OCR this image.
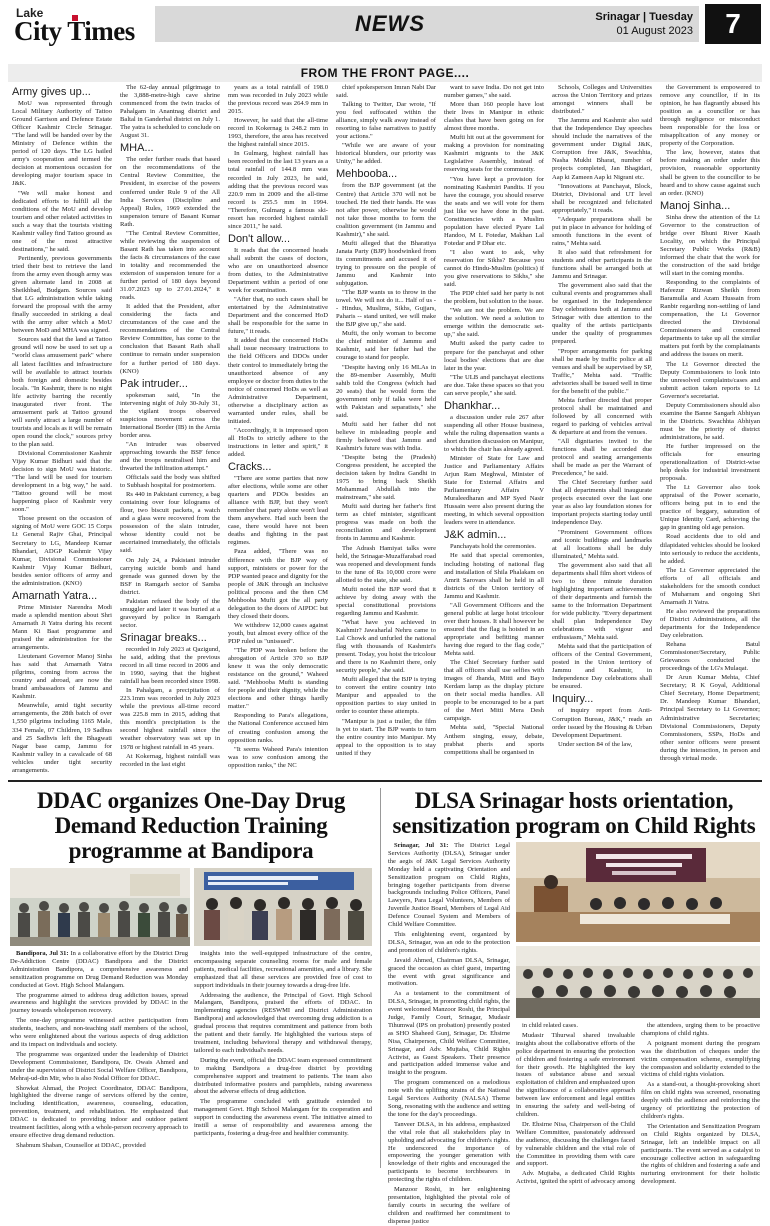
Lake
City Times	NEWS	Srinagar | Tuesday
01 August 2023	7
FROM THE FRONT PAGE....
Army gives up...

MoU was represented through Local Military Authority of Tattoo Ground Garrison and Defence Estate Officer Kashmir Circle Srinagar. "The land will be handed over by the Ministry of Defence within the period of 120 days. The LG hailed army's cooperation and termed the decision at momentous occasion for developing major tourism space in J&K.

"We will make honest and dedicated efforts to fulfill all the conditions of the MoU and develop tourism and other related activities in such a way that the tourists visiting Kashmir valley find Tattoo ground as one of the most attractive destinations," he said.

Pertinently, previous governments tried their best to retrieve the land from the army even though army was given alternate land in 2008 at Sheikhbad, Budgam. Sources said that LG administration while taking forward the proposal with the army finally succeeded in striking a deal with the army after which a MoU between MoD and MHA was signed.

Sources said that the land at Tattoo ground will now be used to set up a "world class amusement park" where all latest facilities and infrastructure will be available to attract tourists both foreign and domestic besides locals. "In Kashmir, there is no night life activity barring the recently inaugurated river front. The amusement park at Tattoo ground will surely attract a large number of tourists and locals as it will be remain open round the clock," sources privy to the plan said.

Divisional Commissioner Kashmir Vijay Kumar Bidhuri said that the decision to sign MoU was historic. "The land will be used for tourism development in a big way," he said. "Tattoo ground will be most happening place of Kashmir very soon."

Those present on the occasion of signing of MoU were GOC 15 Corps Lt General Rajiv Ghai, Principal Secretary to LG, Mandeep Kumar Bhandari, ADGP Kashmir Vijay Kumar, Divisional Commissioner Kashmir Vijay Kumar Bidhuri, besides senior officers of army and the administration. (KNO)

Amarnath Yatra...

Prime Minister Narendra Modi made a splendid mention about Shri Amarnath Ji Yatra during his recent Mann Ki Baat programme and praised the administration for the arrangements.

Lieutenant Governor Manoj Sinha has said that Amarnath Yatra pilgrims, coming from across the country and abroad, are now the brand ambassadors of Jammu and Kashmir.

Meanwhile, amid tight security arrangements, the 28th batch of over 1,550 pilgrims including 1165 Male, 334 Female, 07 Children, 19 Sadhus and 25 Sadhvis left the Bhagwati Nagar base camp, Jammu for Kashmir valley in a cavalcade of 68 vehicles under tight security arrangements.

The 62-day annual pilgrimage to the 3,888-metre-high cave shrine commenced from the twin tracks of Pahalgam in Anantnag district and Baltal in Ganderbal district on July 1. The yatra is scheduled to conclude on August 31.

MHA...

The order further reads that based on the recommendations of the Central Review Committee, the President, in exercise of the powers conferred under Rule 9 of the All India Services (Discipline and Appeal) Rules, 1969 extended the suspension tenure of Basant Kumar Rath.

"The Central Review Committee, while reviewing the suspension of Basant Rath has taken into account the facts & circumstances of the case in totality and recommended the extension of suspension tenure for a further period of 180 days beyond 31.07.2023 up to 27.01.2024," it reads.

It added that the President, after considering the facts and circumstances of the case and the recommendations of the Central Review Committee, has come to the conclusion that Basant Rath shall continue to remain under suspension for a further period of 180 days. (KNO)

Pak intruder...

spokesman said, "In the intervening night of July 30-July 31, the vigilant troops observed suspicious movement across the International Border (IB) in the Arnia border area.

"An intruder was observed approaching towards the BSF fence and the troops neutralised him and thwarted the infiltration attempt."

Officials said the body was shifted to Subhash hospital for postmortem.

Rs 440 in Pakistani currency, a bag containing over four kilograms of flour, two biscuit packets, a watch and a glass were recovered from the possession of the slain intruder, whose identity could not be ascertained immediately, the officials said.

On July 24, a Pakistani intruder carrying suicide bomb and hand grenade was gunned down by the BSF in Ramgarh sector of Samba district.

Pakistan refused the body of the smuggler and later it was buried at a graveyard by police in Ramgarh sector.

Srinagar breaks...

recorded in July 2023 at Qazigund, he said, adding that the previous record in all time record in 2006 and in 1990, saying that the highest rainfall has been recorded since 1998.

In Pahalgam, a precipitation of 223.1mm was recorded in July 2023 while the previous all-time record was 225.8 mm in 2015, adding that this month's precipitation is the second highest rainfall since the weather observatory was set up in 1978 or highest rainfall in 45 years.

At Kokernag, highest rainfall was recorded in the last eight

years as a total rainfall of 198.0 mm was recorded in July 2023 while the previous record was 264.9 mm in 2015.

However, he said that the all-time record in Kokernag is 248.2 mm in 1993, therefore, the area has received the highest rainfall since 2015.

In Gulmarg, highest rainfall has been recorded in the last 13 years as a total rainfall of 144.8 mm was recorded in July 2023, he said, adding that the previous record was 220.9 mm in 2009 and the all-time record is 255.5 mm in 1994. "Therefore, Gulmarg a famous ski-resort has recorded highest rainfall since 2011," he said.

Don't allow...

It reads that the concerned heads shall submit the cases of doctors, who are on unauthorized absence from duties, to the Administrative Department within a period of one week for examination.

"After that, no such cases shall be entertained by the Administrative Department and the concerned HoD shall be responsible for the same in future," it reads.

It added that the concerned HoDs shall issue necessary instructions to the field Officers and DDOs under their control to immediately bring the unauthorized absence of any employee or doctor from duties to the notice of concerned HoDs as well as Administrative Department, otherwise a disciplinary action as warranted under rules, shall be initiated.

"Accordingly, it is impressed upon all HoDs to strictly adhere to the instructions in letter and spirit," it added.

Cracks...

"There are some parties that now after elections, while some are other quarters and PDOs besides an alliance with BJP, but they won't remember that party alone won't lead them anywhere. Had such been the case, there would have not been deaths and fighting in the past regimes.

Paza added, "There was no difference with the BJP way of support, ministers or power for the PDP wanted peace and dignity for the people of J&K through an inclusive political process and the then CM Mehbooba Mufti got the all party delegation to the doors of AIPDC but they closed their doors.

We withdrew 12,000 cases against youth, but almost every office of the PDP ruled us "unissued".

"The PDP was broken before the abrogation of Article 370 so BJP knew it was the only democratic resistance on the ground," Waheed said. "Mehbooba Mufti is standing for people and their dignity, while the elections and other things hardly matter."

Responding to Para's allegations, the National Conference accused him of creating confusion among the opposition ranks.

"It seems Waheed Para's intention was to sow confusion among the opposition ranks," the NC

chief spokesperson Imran Nabi Dar said.

Talking to Twitter, Dar wrote, "If you feel suffocated within the alliance, simply walk away instead of resorting to false narratives to justify your actions."

"While we are aware of your historical blunders, our priority was Unity," he added.

Mehbooba...

from the BJP government (at the Centre) that Article 370 will not be touched. He tied their hands. He was not after power, otherwise he would not take those months to form the coalition government (in Jammu and Kashmir)," she said.

Mufti alleged that the Bharatiya Janata Party (BJP) hoodwinked from its commitments and accused it of trying to pressure on the people of Jammu and Kashmir into subjugation.

"The BJP wants us to throw in the towel. We will not do it... Half of us -- Hindus, Muslims, Sikhs, Gujjars, Paharis -- stand united, we will make the BJP give up," she said.

Mufti, the only woman to become the chief minister of Jammu and Kashmir, said her father had the courage to stand for people.

"Despite having only 16 MLAs in the 89-member Assembly, Mufti sahib told the Congress (which had 20 seats) that he would form the government only if talks were held with Pakistan and separatists," she said.

Mufti said her father did not believe in misleading people and firmly believed that Jammu and Kashmir's future was with India.

"Despite being the (Pradesh) Congress president, he accepted the decision taken by Indira Gandhi in 1975 to bring back Sheikh Mohammad Abdullah into the mainstream," she said.

Mufti said during her father's first term as chief minister, significant progress was made on both the reconciliation and development fronts in Jammu and Kashmir.

The Adrash Hamiyat talks were held, the Srinagar-Muzaffarabad road was reopened and development funds to the tune of Rs 10,000 crore were allotted to the state, she said.

Mufti noted the BJP word that it achieve by doing away with the special constitutional provisions regarding Jammu and Kashmir.

"What have you achieved in Kashmir? Jawaharlal Nehru came to Lal Chowk and unfurled the national flag with thousands of Kashmiri's present. Today, you hoist the tricolour and there is no Kashmiri there, only security people," she said.

Mufti alleged that the BJP is trying to convert the entire country into Manipur and appealed to the opposition parties to stay united in order to counter these attempts.

"Manipur is just a trailer, the film is yet to start. The BJP wants to turn the entire country into Manipur. My appeal to the opposition is to stay united if they

want to save India. Do not get into number games," she said.

More than 160 people have lost their lives in Manipur in ethnic clashes that have been going on for almost three months.

Mufti hit out at the government for making a provision for nominating Kashmiri migrants to the J&K Legislative Assembly, instead of reserving seats for the community.

"You have kept a provision for nominating Kashmiri Pandits. If you have the courage, you should reserve the seats and we will vote for them just like we have done in the past. Constituencies with a Muslim population have elected Pyare Lal Handoo, M L Fotedar, Makhan Lal Fotedar and P Dhar etc.

"I also want to ask, why reservation for Sikhs? Because you cannot do Hindu-Muslim (politics) if you give reservations to Sikhs," she said.

The PDP chief said her party is not the problem, but solution to the issue.

"We are not the problem. We are the solution. We need a solution to emerge within the democratic set-up," she said.

Mufti asked the party cadre to prepare for the panchayat and other local bodies' elections that are due later in the year.

"The ULB and panchayat elections are due. Take these spaces so that you can serve people," she said.

Dhankhar...

a discussion under rule 267 after suspending all other House business, while the ruling dispensation wants a short duration discussion on Manipur, to which the chair has already agreed.

Minister of State for Law and Justice and Parliamentary Affairs Arjun Ram Meghwal, Minister of State for External Affairs and Parliamentary Affairs V Muraleedharan and MP Syed Nasir Hussain were also present during the meeting, in which several opposition leaders were in attendance.

J&K admin...

Panchayats hold the ceremonies.

He said that special ceremonies, including hoisting of national flag and installation of Shila Phalakam on Amrit Sarovars shall be held in all districts of the Union territory of Jammu and Kashmir.

"All Government Officers and the general public at large hoist tricolour over their houses. It shall however be ensured that the flag is hoisted in an appropriate and befitting manner having due regard to the flag code," Mehta said.

The Chief Secretary further said that all officers shall use selfies with images of Jhanda, Mitti and Bayo Kerdam lamp as the display picture on their social media handles. All people to be encouraged to be a part of the Meri Mitti Mera Desh campaign.

Mehta said, "Special National Anthem singing, essay, debate, prabhat pheris and sports competitions shall be organised in

Schools, Colleges and Universities across the Union Territory and prizes amongst winners shall be distributed."

The Jammu and Kashmir also said that the Independence Day speeches should include the narratives of the government under Digital J&K, Corruption free J&K, Swachhta, Nasha Mukht Bharat, number of projects completed, Jan Bhagidari, Aap ki Zameen Aap ki Nigrani etc.

"Innovations at Panchayat, Block, District, Divisional and UT level shall be recognized and felicitated appropriately," it reads.

"Adequate preparations shall be put in place in advance for holding of smooth functions in the event of rains," Mehta said.

It also said that refreshment for students and other participants in the functions shall be arranged both at Jammu and Srinagar.

The government also said that the cultural events and programmes shall be organised in the Independence Day celebrations both at Jammu and Srinagar with due attention to the quality of the artists participants under the quality of programmes prepared.

"Proper arrangements for parking shall be made by traffic police at all venues and shall be supervised by SP, Traffic," Mehta said. "Traffic advisories shall be issued well in time for the benefit of the public."

Mehta further directed that proper protocol shall be maintained and followed by all concerned with regard to parking of vehicles arrival & departure at and from the venues.

"All dignitaries invited to the functions shall be accorded due protocol and seating arrangements shall be made as per the Warrant of Precedence," he said.

The Chief Secretary further said that all departments shall inaugurate projects executed over the last one year as also lay foundation stones for important projects starting today until independence Day.

"Prominent Government offices and iconic buildings and landmarks at all locations shall be duly illuminated," Mehta said.

The government also said that all departments shall film short videos of two to three minute duration highlighting important achievements of their departments and furnish the same to the Information Department for wide publicity. "Every department shall plan Independence Day celebrations with vigour and enthusiasm," Mehta said.

Mehta said that the participation of officers of the Central Government, posted in the Union territory of Jammu and Kashmir, in Independence Day celebrations shall be ensured.

Inquiry...

of inquiry report from Anti-Corruption Bureau, J&K," reads an order issued by the Housing & Urban Development Department.

Under section 84 of the law,

the Government is empowered to remove any councillor, if in its opinion, he has flagrantly abused his position as a councillor or has through negligence or misconduct been responsible for the loss or misapplication of any money or property of the Corporation.

The law, however, states that before making an order under this provision, reasonable opportunity shall be given to the councillor to be heard and to show cause against such an order. (KNO)

Manoj Sinha...

Sinha drew the attention of the Lt Governor to the construction of bridge over Bhuni River Kaaih Locality, on which the Principal Secretary Public Works (R&B) informed the chair that the work for the construction of the said bridge will start in the coming months.

Responding to the complaints of Hafeezur Rizwan Sheikh from Baramulla and Azam Hussain from Ranbir regarding non-settling of land compensation, the Lt Governor directed the Divisional Commissioners and concerned departments to take up all the similar matters put forth by the complainants and address the issues on merit.

The Lt Governor directed the Deputy Commissioners to look into the unresolved complaints/cases and submit action taken reports to Lt Governor's secretariat.

Deputy Commissioners should also examine the Banne Sangarh Abhiyan in the Districts. Swachhta Abhiyan must be the priority of district administrations, he said.

He further impressed on the officials for ensuring operationalization of District-wise help desks for industrial investment proposals.

The Lt Governor also took appraisal of the Power scenario, officers being put in to end the practice of beggary, saturation of Unique Identity Card, achieving the gap in granting old age pension.

Road accidents due to old and dilapidated vehicles should be looked into seriously to reduce the accidents, he added.

The Lt Governor appreciated the efforts of all officials and stakeholders for the smooth conduct of Muharram and ongoing Shri Amarnath Ji Yatra.

He also reviewed the preparations of District Administrations, all the departments for the Independence Day celebration.

Rehana Batul Commissioner/Secretary, Public Grievances conducted the proceedings of the LG's Mulaqat.

Dr Arun Kumar Mehta, Chief Secretary; R K Goyal, Additional Chief Secretary, Home Department; Dr. Mandeep Kumar Bhandari, Principal Secretary to Lt Governor; Administrative Secretaries; Divisional Commissioners, Deputy Commissioners, SSPs, HoDs and other senior officers were present during the interaction, in person and through virtual mode.

DDAC organizes One-Day Drug Demand Reduction Training programme at Bandipora

Bandipora, Jul 31: In a collaborative effort by the District Drug De-Addiction Centre (DDAC) Bandipora and the District Administration Bandipora, a comprehensive awareness and sensitization programme on Drug Demand Reduction was Monday conducted at Govt. High School Malangam.

The programme aimed to address drug addiction issues, spread awareness and highlight the services provided by DDAC in the journey towards wholeperson recovery.

The one-day programme witnessed active participation from students, teachers, and non-teaching staff members of the school, who were enlightened about the various aspects of drug addiction and its impact on individuals and society.

The programme was organized under the leadership of District Development Commissioner, Bandipora, Dr. Owais Ahmed and under the supervision of District Social Welfare Officer, Bandipora, Mehraj-ud-din Mir, who is also Nodal Officer for DDAC.

Showkat Ahmad, the Project Coordinator, DDAC Bandipora, highlighted the diverse range of services offered by the centre, including identification, awareness, counseling, education, prevention, treatment, and rehabilitation. He emphasized that DDAC is dedicated to providing indoor and outdoor patient treatment facilities, along with a whole-person recovery approach to ensure effective drug demand reduction.

Shabnum Shaban, Counsellor at DDAC, provided

insights into the well-equipped infrastructure of the centre, encompassing separate counseling rooms for male and female patients, medical facilities, recreational amenities, and a library. She emphasized that all these services are provided free of cost to support individuals in their journey towards a drug-free life.

Addressing the audience, the Principal of Govt. High School Malangam, Bandipora, praised the efforts of DDAC. In implementing agencies (RESWMI and District Administration Bandipora) and acknowledged that overcoming drug addiction is a gradual process that requires commitment and patience from both the patient and their family. He highlighted the various steps of treatment, including behavioral therapy and withdrawal therapy, tailored to each individual's needs.

During the event, official the DDAC team expressed commitment to making Bandipora a drug-free district by providing comprehensive support and treatment to patients. The team also distributed informative posters and pamphlets, raising awareness about the adverse effects of drug addiction.

The programme concluded with gratitude extended to management Govt. High School Malangam for its cooperation and support in conducting the awareness event. The initiative aimed to instill a sense of responsibility and awareness among the participants, fostering a drug-free and healthier community.

DLSA Srinagar hosts orientation, sensitization program on Child Rights

Srinagar, Jul 31: The District Legal Services Authority (DLSA), Srinagar under the aegis of J&K Legal Services Authority Monday held a captivating Orientation and Sensitization program on Child Rights, bringing together participants from diverse backgrounds including Police Officers, Panel Lawyers, Para Legal Volunteers, Members of Juvenile Justice Board, Members of Legal Aid Defence Counsel System and Members of Child Welfare Committee.

This enlightening event, organized by DLSA, Srinagar, was an ode to the protection and promotion of children's rights.

Javaid Ahmed, Chairman DLSA, Srinagar, graced the occasion as chief guest, imparting the event with great significance and motivation.

As a testament to the commitment of DLSA, Srinagar, in promoting child rights, the event welcomed Manzoor Roshi, the Principal Judge, Family Court, Srinagar, Mudasir Tihumwal (IPS on probation) presently posted as SHO Shaheed Gunj, Srinagar, Dr. Ehsirne Nisa, Chairperson, Child Welfare Committee, Srinagar, and Adv. Mujtaba, Child Rights Activist, as Guest Speakers. Their presence and participation added immense value and insight to the program.

The program commenced on a melodious note with the uplifting strains of the National Legal Services Authority (NALSA) Theme Song, resonating with the audience and setting the tone for the day's proceedings.

Tanveer DLSA, in his address, emphasized the vital role that all stakeholders play in upholding and advocating for children's rights. He underscored the importance of empowering the younger generation with knowledge of their rights and encouraged the participants to become torchbearers in protecting the rights of children.

Manzoor Roshi, in her enlightening presentation, highlighted the pivotal role of family courts in securing the welfare of children and reaffirmed her commitment to dispense justice

in child related cases.

Mudasir Tihurwal shared invaluable insights about the collaborative efforts of the police department in ensuring the protection of children and fostering a safe environment for their growth. He highlighted the key issues of substance abuse and sexual exploitation of children and emphasized upon the significance of a collaborative approach between law enforcement and legal entities in ensuring the safety and well-being of children.

Dr. Ehsirne Nisa, Chairperson of the Child Welfare Committee, passionately addressed the audience, discussing the challenges faced by vulnerable children and the vital role of the Committee in providing them with care and support.

Adv. Mujtaba, a dedicated Child Rights Activist, ignited the spirit of advocacy among

the attendees, urging them to be proactive champions of child rights.

A poignant moment during the program was the distribution of cheques under the victim compensation scheme, exemplifying the compassion and solidarity extended to the victims of child rights violation.

As a stand-out, a thought-provoking short film on child rights was screened, resonating deeply with the audience and reinforcing the urgency of prioritizing the protection of children's rights.

The Orientation and Sensitization Program on Child Rights organized by DLSA, Srinagar, left an indelible impact on all participants. The event served as a catalyst to encourage collective action in safeguarding the rights of children and fostering a safe and nurturing environment for their holistic development.
